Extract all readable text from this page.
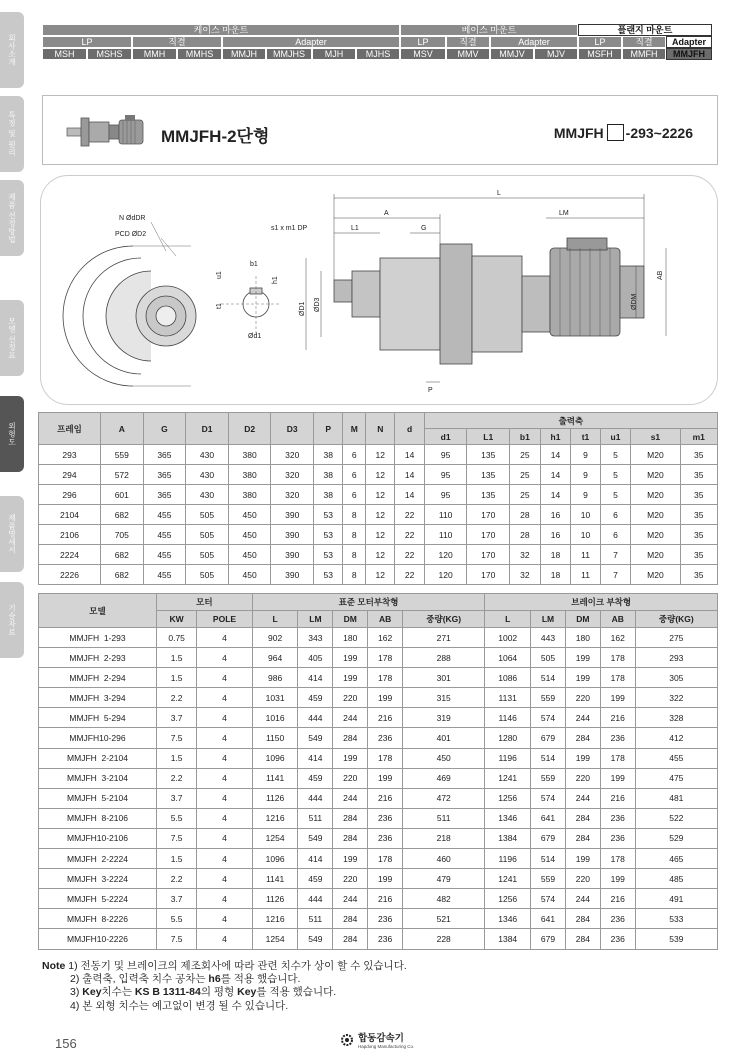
회사소개
특징 및 원리
제품 선정방법
모델 선정표
외형도
제품명세서
기술자료
케이스 마운트	베이스 마운트	플랜지 마운트
LP	직결	Adapter	LP	직결	Adapter	LP	직결	Adapter
MSH	MSHS	MMH	MMHS	MMJH	MMJHS	MJH	MJHS	MSV	MMV	MMJV	MJV	MSFH	MMFH	MMJFH
MMJFH-2단형	MMJFH -293~2226
N ØdDR
PCD ØD2
b1
h1
u1
t1
Ød1
L
A
L1	G
LM
s1 x m1 DP
ØD1 ØD3
P
AB
ØDM
프레임	A	G	D1	D2	D3	P	M	N	d	출력축							
										d1	L1	b1	h1	t1	u1	s1	m1
293	559	365	430	380	320	38	6	12	14	95	135	25	14	9	5	M20	35
294	572	365	430	380	320	38	6	12	14	95	135	25	14	9	5	M20	35
296	601	365	430	380	320	38	6	12	14	95	135	25	14	9	5	M20	35
2104	682	455	505	450	390	53	8	12	22	110	170	28	16	10	6	M20	35
2106	705	455	505	450	390	53	8	12	22	110	170	28	16	10	6	M20	35
2224	682	455	505	450	390	53	8	12	22	120	170	32	18	11	7	M20	35
2226	682	455	505	450	390	53	8	12	22	120	170	32	18	11	7	M20	35
모델	모터		표준 모터부착형					브레이크 부착형				
	KW	POLE	L	LM	DM	AB	중량(KG)	L	LM	DM	AB	중량(KG)
MMJFH  1-293	0.75	4	902	343	180	162	271	1002	443	180	162	275
MMJFH  2-293	1.5	4	964	405	199	178	288	1064	505	199	178	293
MMJFH  2-294	1.5	4	986	414	199	178	301	1086	514	199	178	305
MMJFH  3-294	2.2	4	1031	459	220	199	315	1131	559	220	199	322
MMJFH  5-294	3.7	4	1016	444	244	216	319	1146	574	244	216	328
MMJFH10-296	7.5	4	1150	549	284	236	401	1280	679	284	236	412
MMJFH  2-2104	1.5	4	1096	414	199	178	450	1196	514	199	178	455
MMJFH  3-2104	2.2	4	1141	459	220	199	469	1241	559	220	199	475
MMJFH  5-2104	3.7	4	1126	444	244	216	472	1256	574	244	216	481
MMJFH  8-2106	5.5	4	1216	511	284	236	511	1346	641	284	236	522
MMJFH10-2106	7.5	4	1254	549	284	236	218	1384	679	284	236	529
MMJFH  2-2224	1.5	4	1096	414	199	178	460	1196	514	199	178	465
MMJFH  3-2224	2.2	4	1141	459	220	199	479	1241	559	220	199	485
MMJFH  5-2224	3.7	4	1126	444	244	216	482	1256	574	244	216	491
MMJFH  8-2226	5.5	4	1216	511	284	236	521	1346	641	284	236	533
MMJFH10-2226	7.5	4	1254	549	284	236	228	1384	679	284	236	539
Note 1) 전동기 및 브레이크의 제조회사에 따라 관련 치수가 상이 할 수 있습니다.
2) 출력축, 입력축 치수 공차는 h6를 적용 했습니다.
3) Key치수는 KS B 1311-84의 평형 Key를 적용 했습니다.
4) 본 외형 치수는 예고없이 변경 될 수 있습니다.
156	합동감속기
Hapdong Manufacturing Co.
